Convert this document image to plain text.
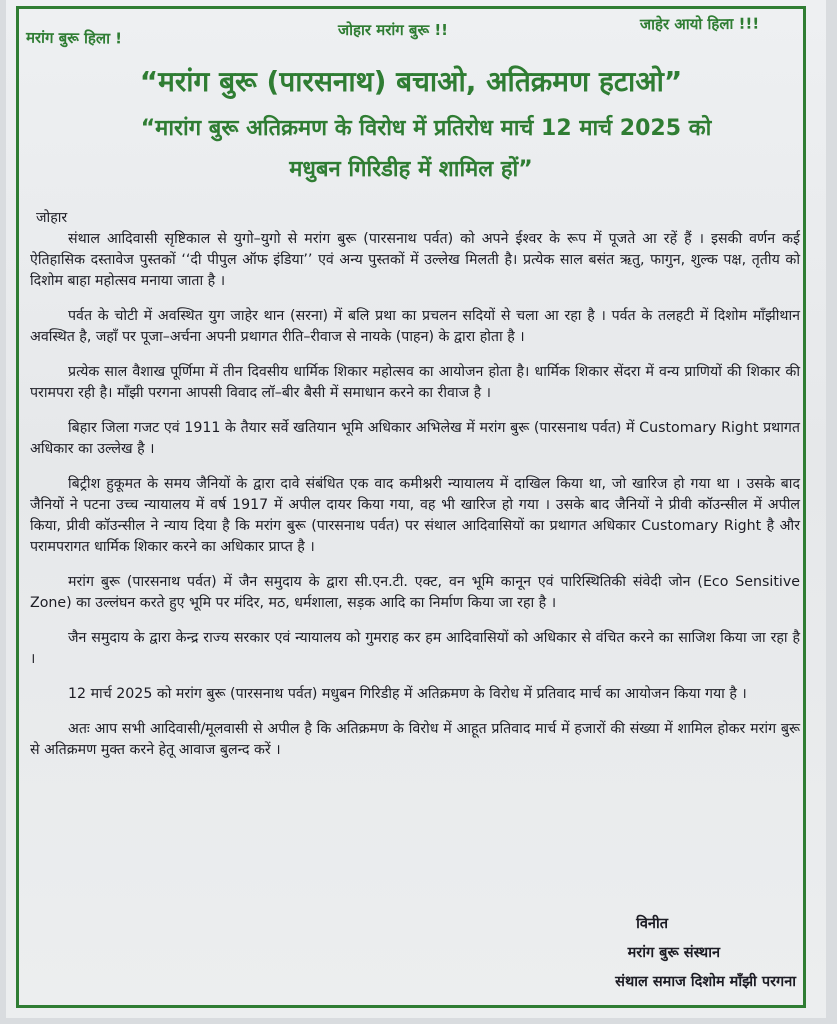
मरांग बुरू हिला !	जोहार मरांग बुरू !!	जाहेर आयो हिला !!!
“मरांग बुरू (पारसनाथ) बचाओ, अतिक्रमण हटाओ”
“मारांग बुरू अतिक्रमण के विरोध में प्रतिरोध मार्च 12 मार्च 2025 को
मधुबन गिरिडीह में शामिल हों”

जोहार

संथाल आदिवासी सृष्टिकाल से युगो–युगो से मरांग बुरू (पारसनाथ पर्वत) को अपने ईश्वर के रूप में पूजते आ रहें हैं । इसकी वर्णन कई ऐतिहासिक दस्तावेज पुस्तकों ‘‘दी पीपुल ऑफ इंडिया’’ एवं अन्य पुस्तकों में उल्लेख मिलती है। प्रत्येक साल बसंत ऋतु, फागुन, शुल्क पक्ष, तृतीय को दिशोम बाहा महोत्सव मनाया जाता है ।

पर्वत के चोटी में अवस्थित युग जाहेर थान (सरना) में बलि प्रथा का प्रचलन सदियों से चला आ रहा है । पर्वत के तलहटी में दिशोम माँझीथान अवस्थित है, जहाँ पर पूजा–अर्चना अपनी प्रथागत रीति–रीवाज से नायके (पाहन) के द्वारा होता है ।

प्रत्येक साल वैशाख पूर्णिमा में तीन दिवसीय धार्मिक शिकार महोत्सव का आयोजन होता है। धार्मिक शिकार सेंदरा में वन्य प्राणियों की शिकार की परामपरा रही है। माँझी परगना आपसी विवाद लॉ–बीर बैसी में समाधान करने का रीवाज है ।

बिहार जिला गजट एवं 1911 के तैयार सर्वे खतियान भूमि अधिकार अभिलेख में मरांग बुरू (पारसनाथ पर्वत) में Customary Right प्रथागत अधिकार का उल्लेख है ।

बिट्रीश हुकूमत के समय जैनियों के द्वारा दावे संबंधित एक वाद कमीश्नरी न्यायालय में दाखिल किया था, जो खारिज हो गया था । उसके बाद जैनियों ने पटना उच्च न्यायालय में वर्ष 1917 में अपील दायर किया गया, वह भी खारिज हो गया । उसके बाद जैनियों ने प्रीवी कॉउन्सील में अपील किया, प्रीवी कॉउन्सील ने न्याय दिया है कि मरांग बुरू (पारसनाथ पर्वत) पर संथाल आदिवासियों का प्रथागत अधिकार Customary Right है और परामपरागत धार्मिक शिकार करने का अधिकार प्राप्त है ।

मरांग बुरू (पारसनाथ पर्वत) में जैन समुदाय के द्वारा सी.एन.टी. एक्ट, वन भूमि कानून एवं पारिस्थितिकी संवेदी जोन (Eco Sensitive Zone) का उल्लंघन करते हुए भूमि पर मंदिर, मठ, धर्मशाला, सड़क आदि का निर्माण किया जा रहा है ।

जैन समुदाय के द्वारा केन्द्र राज्य सरकार एवं न्यायालय को गुमराह कर हम आदिवासियों को अधिकार से वंचित करने का साजिश किया जा रहा है ।

12 मार्च 2025 को मरांग बुरू (पारसनाथ पर्वत) मधुबन गिरिडीह में अतिक्रमण के विरोध में प्रतिवाद मार्च का आयोजन किया गया है ।

अतः आप सभी आदिवासी/मूलवासी से अपील है कि अतिक्रमण के विरोध में आहूत प्रतिवाद मार्च में हजारों की संख्या में शामिल होकर मरांग बुरू से अतिक्रमण मुक्त करने हेतू आवाज बुलन्द करें ।

विनीत
मरांग बुरू संस्थान
संथाल समाज दिशोम माँझी परगना
